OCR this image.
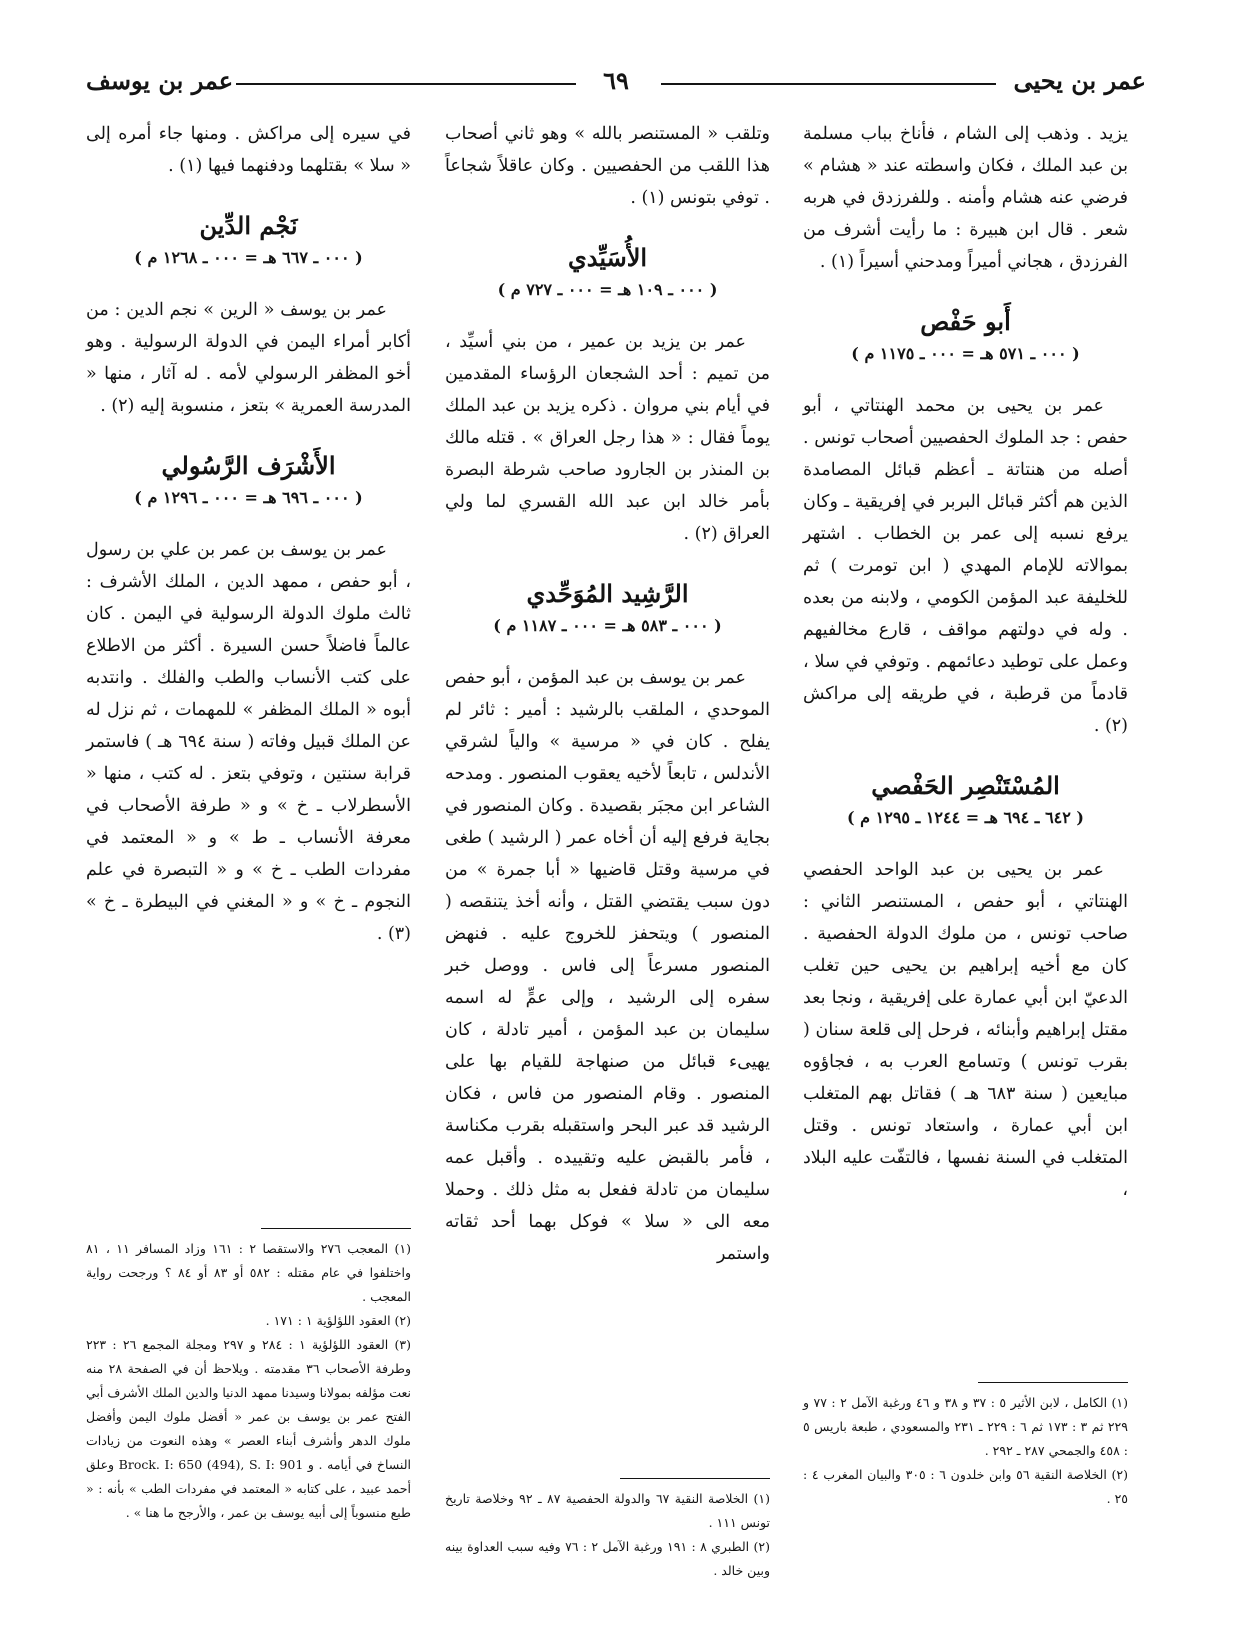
عمر بن يحيى
٦٩
عمر بن يوسف

يزيد . وذهب إلى الشام ، فأناخ بباب مسلمة بن عبد الملك ، فكان واسطته عند « هشام » فرضي عنه هشام وأمنه . وللفرزدق في هربه شعر . قال ابن هبيرة : ما رأيت أشرف من الفرزدق ، هجاني أميراً ومدحني أسيراً (١) .

أَبو حَفْص
( ٠٠٠ ـ ٥٧١ هـ = ٠٠٠ ـ ١١٧٥ م )

عمر بن يحيى بن محمد الهنتاتي ، أبو حفص : جد الملوك الحفصيين أصحاب تونس . أصله من هنتاتة ـ أعظم قبائل المصامدة الذين هم أكثر قبائل البربر في إفريقية ـ وكان يرفع نسبه إلى عمر بن الخطاب . اشتهر بموالاته للإمام المهدي ( ابن تومرت ) ثم للخليفة عبد المؤمن الكومي ، ولابنه من بعده . وله في دولتهم مواقف ، قارع مخالفيهم وعمل على توطيد دعائمهم . وتوفي في سلا ، قادماً من قرطبة ، في طريقه إلى مراكش (٢) .

المُسْتَنْصِر الحَفْصي
( ٦٤٢ ـ ٦٩٤ هـ = ١٢٤٤ ـ ١٢٩٥ م )

عمر بن يحيى بن عبد الواحد الحفصي الهنتاتي ، أبو حفص ، المستنصر الثاني : صاحب تونس ، من ملوك الدولة الحفصية . كان مع أخيه إبراهيم بن يحيى حين تغلب الدعيّ ابن أبي عمارة على إفريقية ، ونجا بعد مقتل إبراهيم وأبنائه ، فرحل إلى قلعة سنان ( بقرب تونس ) وتسامع العرب به ، فجاؤوه مبايعين ( سنة ٦٨٣ هـ ) فقاتل بهم المتغلب ابن أبي عمارة ، واستعاد تونس . وقتل المتغلب في السنة نفسها ، فالتفّت عليه البلاد ،

وتلقب « المستنصر بالله » وهو ثاني أصحاب هذا اللقب من الحفصيين . وكان عاقلاً شجاعاً . توفي بتونس (١) .

الأُسَيِّدي
( ٠٠٠ ـ ١٠٩ هـ = ٠٠٠ ـ ٧٢٧ م )

عمر بن يزيد بن عمير ، من بني أسيِّد ، من تميم : أحد الشجعان الرؤساء المقدمين في أيام بني مروان . ذكره يزيد بن عبد الملك يوماً فقال : « هذا رجل العراق » . قتله مالك بن المنذر بن الجارود صاحب شرطة البصرة بأمر خالد ابن عبد الله القسري لما ولي العراق (٢) .

الرَّشِيد المُوَحِّدي
( ٠٠٠ ـ ٥٨٣ هـ = ٠٠٠ ـ ١١٨٧ م )

عمر بن يوسف بن عبد المؤمن ، أبو حفص الموحدي ، الملقب بالرشيد : أمير : ثائر لم يفلح . كان في « مرسية » والياً لشرقي الأندلس ، تابعاً لأخيه يعقوب المنصور . ومدحه الشاعر ابن مجبَر بقصيدة . وكان المنصور في بجاية فرفع إليه أن أخاه عمر ( الرشيد ) طغى في مرسية وقتل قاضيها « أبا جمرة » من دون سبب يقتضي القتل ، وأنه أخذ يتنقصه ( المنصور ) ويتحفز للخروج عليه . فنهض المنصور مسرعاً إلى فاس . ووصل خبر سفره إلى الرشيد ، وإلى عمٍّ له اسمه سليمان بن عبد المؤمن ، أمير تادلة ، كان يهيىء قبائل من صنهاجة للقيام بها على المنصور . وقام المنصور من فاس ، فكان الرشيد قد عبر البحر واستقبله بقرب مكناسة ، فأمر بالقبض عليه وتقييده . وأقبل عمه سليمان من تادلة ففعل به مثل ذلك . وحملا معه الى « سلا » فوكل بهما أحد ثقاته واستمر

في سيره إلى مراكش . ومنها جاء أمره إلى « سلا » بقتلهما ودفنهما فيها (١) .

نَجْم الدِّين
( ٠٠٠ ـ ٦٦٧ هـ = ٠٠٠ ـ ١٢٦٨ م )

عمر بن يوسف « الرين » نجم الدين : من أكابر أمراء اليمن في الدولة الرسولية . وهو أخو المظفر الرسولي لأمه . له آثار ، منها « المدرسة العمرية » بتعز ، منسوبة إليه (٢) .

الأَشْرَف الرَّسُولي
( ٠٠٠ ـ ٦٩٦ هـ = ٠٠٠ ـ ١٢٩٦ م )

عمر بن يوسف بن عمر بن علي بن رسول ، أبو حفص ، ممهد الدين ، الملك الأشرف : ثالث ملوك الدولة الرسولية في اليمن . كان عالماً فاضلاً حسن السيرة . أكثر من الاطلاع على كتب الأنساب والطب والفلك . وانتدبه أبوه « الملك المظفر » للمهمات ، ثم نزل له عن الملك قبيل وفاته ( سنة ٦٩٤ هـ ) فاستمر قرابة سنتين ، وتوفي بتعز . له كتب ، منها « الأسطرلاب ـ خ » و « طرفة الأصحاب في معرفة الأنساب ـ ط » و « المعتمد في مفردات الطب ـ خ » و « التبصرة في علم النجوم ـ خ » و « المغني في البيطرة ـ خ » (٣) .

(١) الكامل ، لابن الأثير ٥ : ٣٧ و ٣٨ و ٤٦ ورغبة الآمل ٢ : ٧٧ و ٢٢٩ ثم ٣ : ١٧٣ ثم ٦ : ٢٢٩ ـ ٢٣١ والمسعودي ، طبعة باريس ٥ : ٤٥٨ والجمحي ٢٨٧ ـ ٢٩٢ .

(٢) الخلاصة النقية ٥٦ وابن خلدون ٦ : ٣٠٥ والبيان المغرب ٤ : ٢٥ .

(١) الخلاصة النقية ٦٧ والدولة الحفصية ٨٧ ـ ٩٢ وخلاصة تاريخ تونس ١١١ .

(٢) الطبري ٨ : ١٩١ ورغبة الآمل ٢ : ٧٦ وفيه سبب العداوة بينه وبين خالد .

(١) المعجب ٢٧٦ والاستقصا ٢ : ١٦١ وزاد المسافر ١١ ، ٨١ واختلفوا في عام مقتله : ٥٨٢ أو ٨٣ أو ٨٤ ؟ ورجحت رواية المعجب .

(٢) العقود اللؤلؤية ١ : ١٧١ .

(٣) العقود اللؤلؤية ١ : ٢٨٤ و ٢٩٧ ومجلة المجمع ٢٦ : ٢٢٣ وطرفة الأصحاب ٣٦ مقدمته . ويلاحظ أن في الصفحة ٢٨ منه نعت مؤلفه بمولانا وسيدنا ممهد الدنيا والدين الملك الأشرف أبي الفتح عمر بن يوسف بن عمر « أفضل ملوك اليمن وأفضل ملوك الدهر وأشرف أبناء العصر » وهذه النعوت من زيادات النساخ في أيامه . و Brock. I: 650 (494), S. I: 901 وعلق أحمد عبيد ، على كتابه « المعتمد في مفردات الطب » بأنه : « طبع منسوباً إلى أبيه يوسف بن عمر ، والأرجح ما هنا » .
